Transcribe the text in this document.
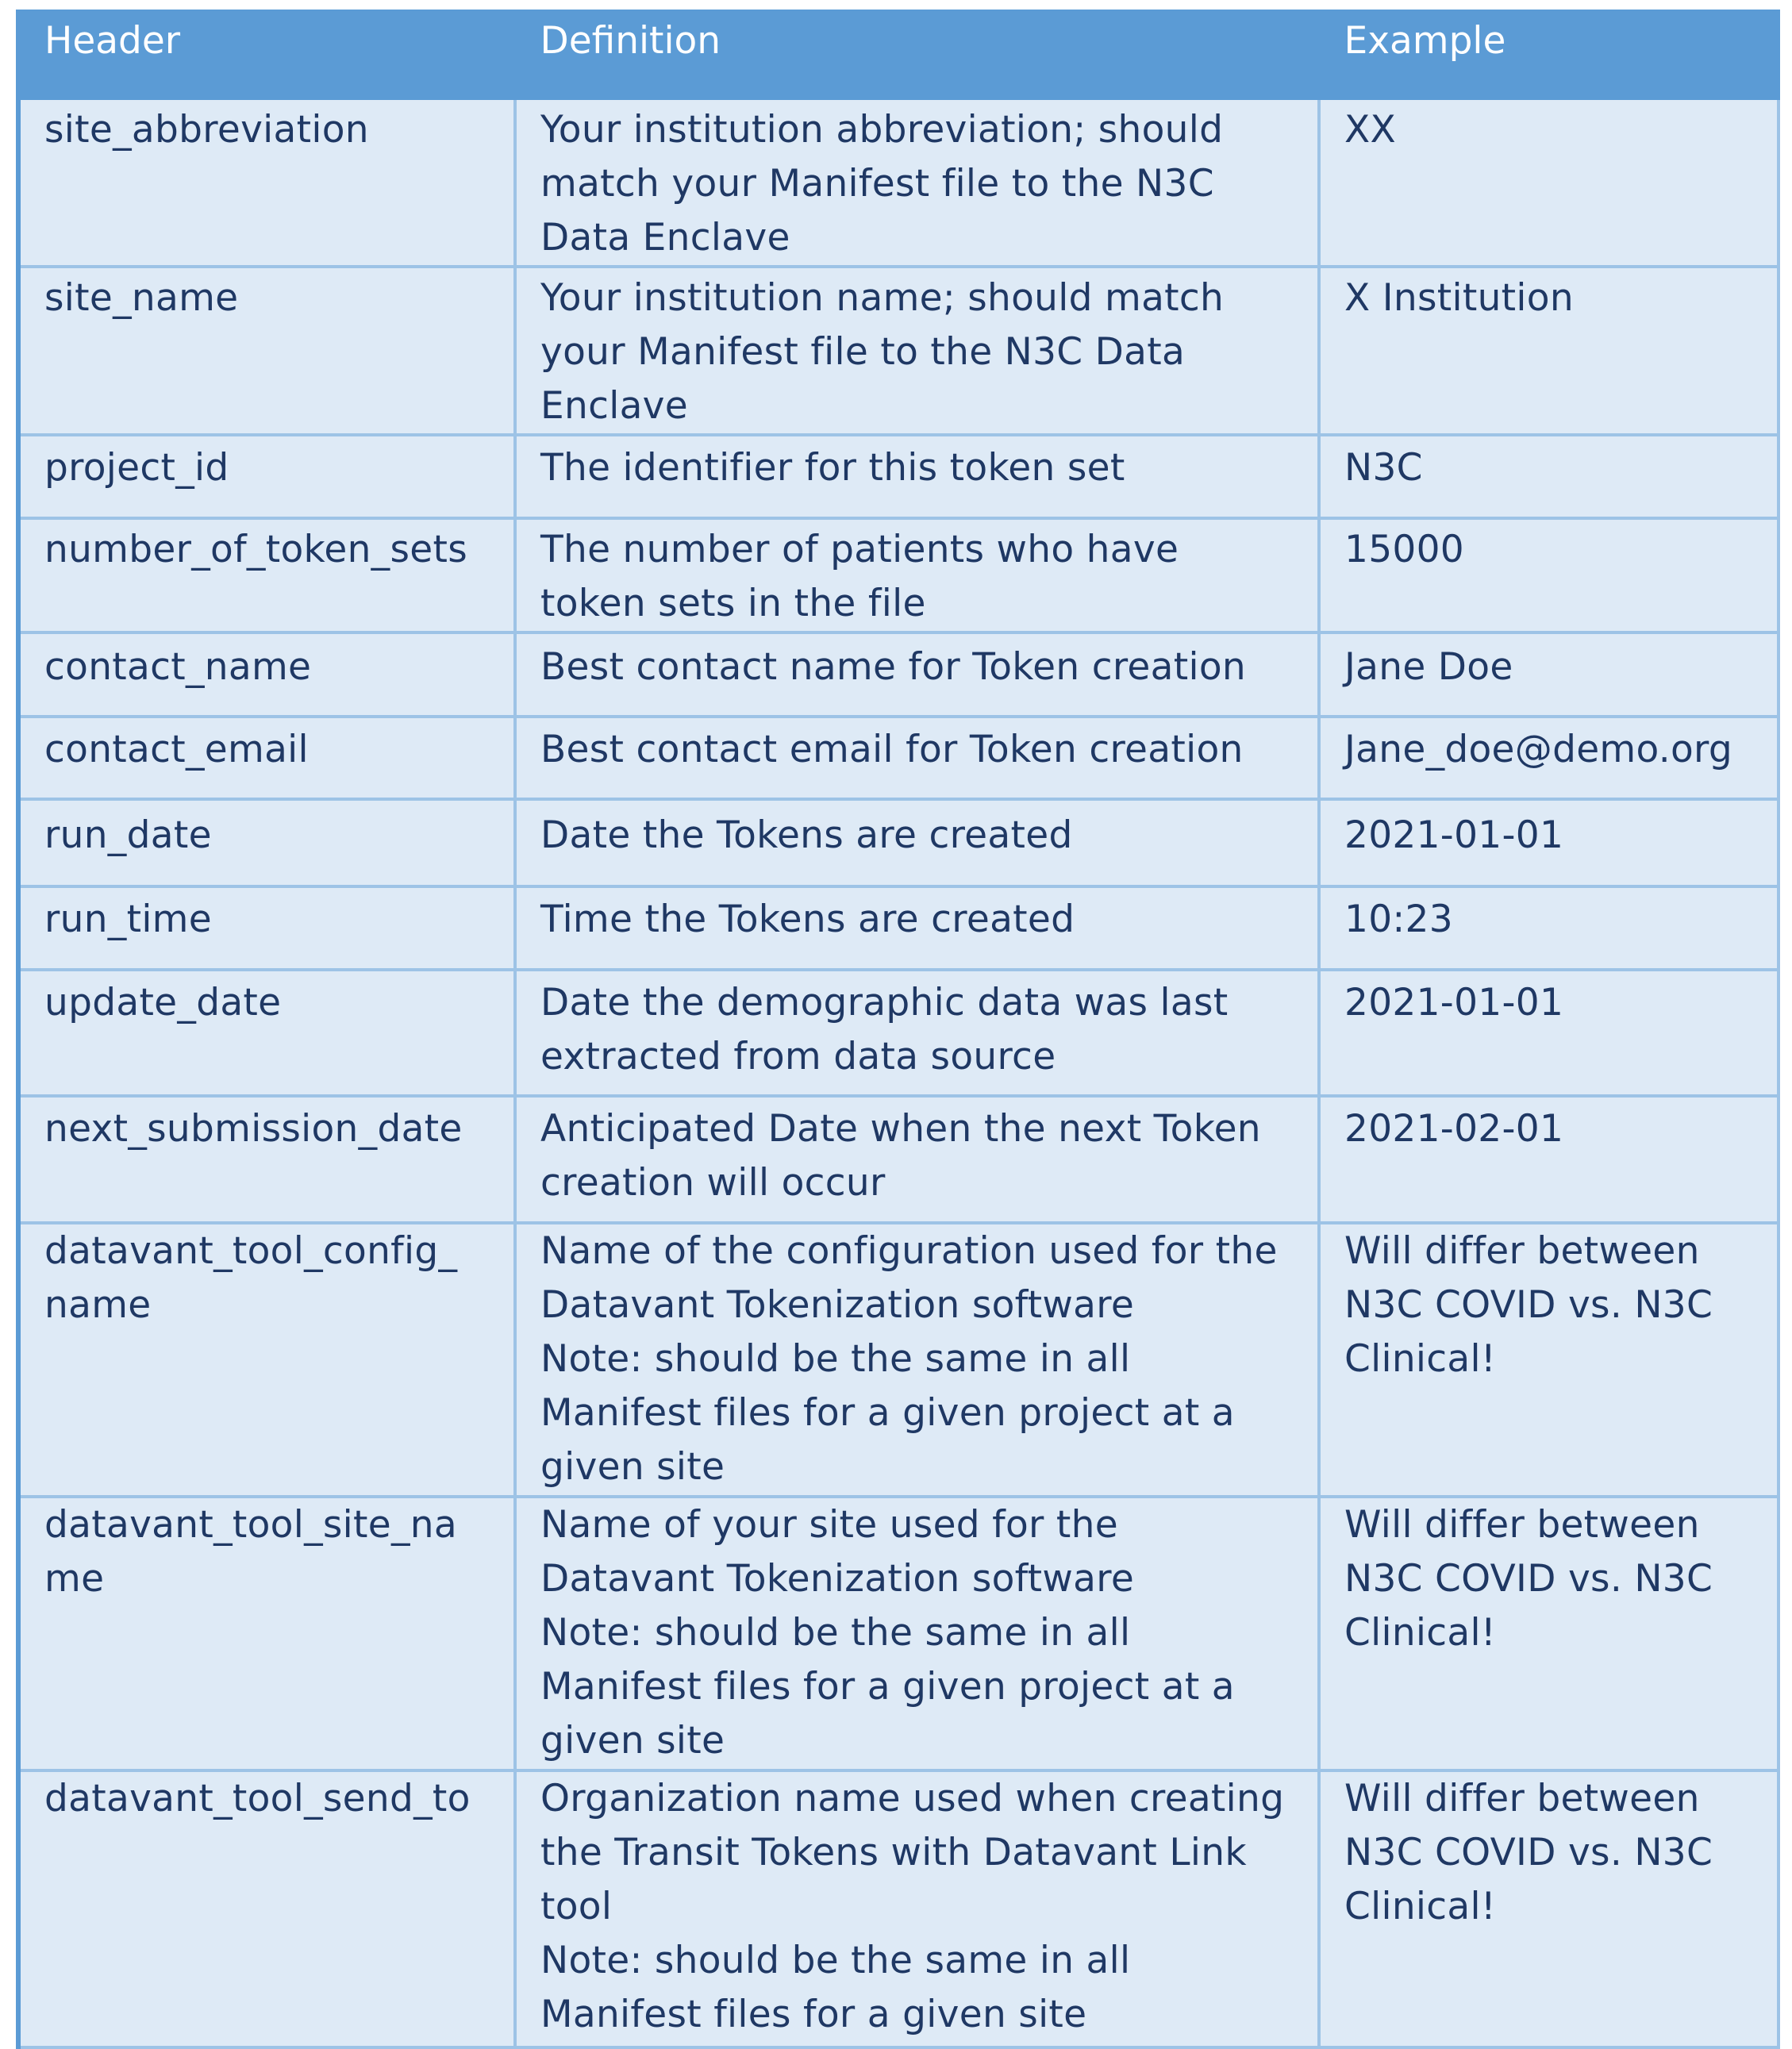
Header	Definition	Example

site_abbreviation	Your institution abbreviation; should
match your Manifest file to the N3C
Data Enclave	XX

site_name	Your institution name; should match
your Manifest file to the N3C Data
Enclave	X Institution

project_id	The identifier for this token set	N3C

number_of_token_sets	The number of patients who have
token sets in the file	15000

contact_name	Best contact name for Token creation	Jane Doe

contact_email	Best contact email for Token creation	Jane_doe@demo.org

run_date	Date the Tokens are created	2021-01-01

run_time	Time the Tokens are created	10:23

update_date	Date the demographic data was last
extracted from data source	2021-01-01

next_submission_date	Anticipated Date when the next Token
creation will occur	2021-02-01

datavant_tool_config_
name	Name of the configuration used for the
Datavant Tokenization software
Note: should be the same in all
Manifest files for a given project at a
given site	Will differ between
N3C COVID vs. N3C
Clinical!

datavant_tool_site_na
me	Name of your site used for the
Datavant Tokenization software
Note: should be the same in all
Manifest files for a given project at a
given site	Will differ between
N3C COVID vs. N3C
Clinical!

datavant_tool_send_to	Organization name used when creating
the Transit Tokens with Datavant Link
tool
Note: should be the same in all
Manifest files for a given site	Will differ between
N3C COVID vs. N3C
Clinical!
